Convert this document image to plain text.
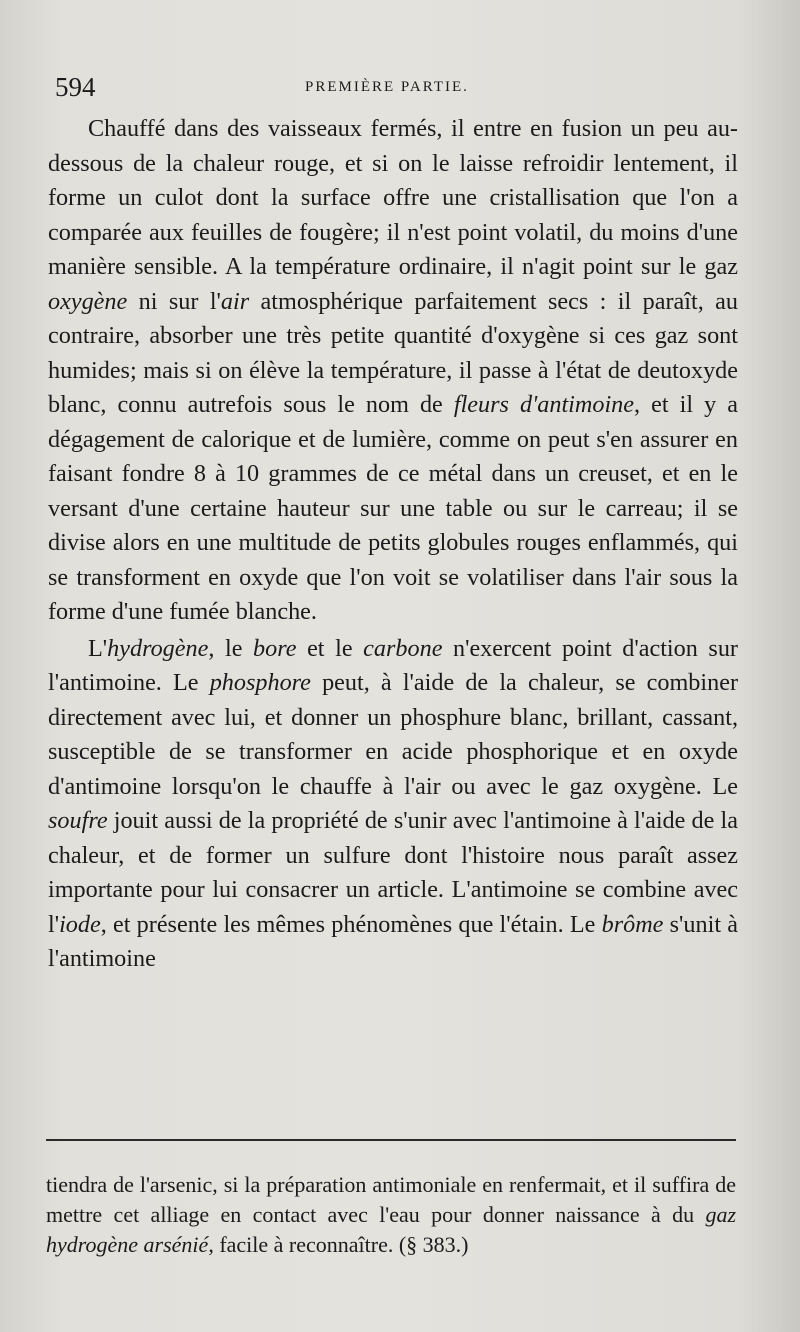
594	PREMIÈRE PARTIE.

Chauffé dans des vaisseaux fermés, il entre en fusion un peu au-dessous de la chaleur rouge, et si on le laisse refroidir lentement, il forme un culot dont la surface offre une cristallisation que l'on a comparée aux feuilles de fougère; il n'est point volatil, du moins d'une manière sensible. A la température ordinaire, il n'agit point sur le gaz oxygène ni sur l'air atmosphérique parfaitement secs : il paraît, au contraire, absorber une très petite quantité d'oxygène si ces gaz sont humides; mais si on élève la température, il passe à l'état de deutoxyde blanc, connu autrefois sous le nom de fleurs d'antimoine, et il y a dégagement de calorique et de lumière, comme on peut s'en assurer en faisant fondre 8 à 10 grammes de ce métal dans un creuset, et en le versant d'une certaine hauteur sur une table ou sur le carreau; il se divise alors en une multitude de petits globules rouges enflammés, qui se transforment en oxyde que l'on voit se volatiliser dans l'air sous la forme d'une fumée blanche.

L'hydrogène, le bore et le carbone n'exercent point d'action sur l'antimoine. Le phosphore peut, à l'aide de la chaleur, se combiner directement avec lui, et donner un phosphure blanc, brillant, cassant, susceptible de se transformer en acide phosphorique et en oxyde d'antimoine lorsqu'on le chauffe à l'air ou avec le gaz oxygène. Le soufre jouit aussi de la propriété de s'unir avec l'antimoine à l'aide de la chaleur, et de former un sulfure dont l'histoire nous paraît assez importante pour lui consacrer un article. L'antimoine se combine avec l'iode, et présente les mêmes phénomènes que l'étain. Le brôme s'unit à l'antimoine

tiendra de l'arsenic, si la préparation antimoniale en renfermait, et il suffira de mettre cet alliage en contact avec l'eau pour donner naissance à du gaz hydrogène arsénié, facile à reconnaître. (§ 383.)
